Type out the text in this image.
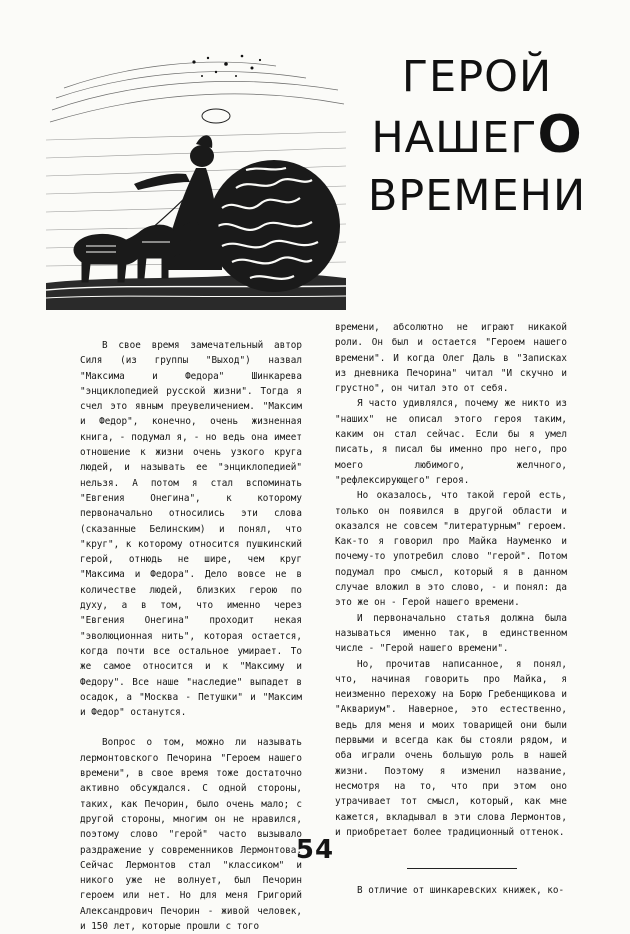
ГЕРОЙ
НАШЕГО
ВРЕМЕНИ

В свое время замечательный автор Силя (из группы "Выход") назвал "Максима и Федора" Шинкарева "энциклопедией русской жизни". Тогда я счел это явным преувеличением. "Максим и Федор", конечно, очень жизненная книга, - подумал я, - но ведь она имеет отношение к жизни очень узкого круга людей, и называть ее "энциклопедией" нельзя. А потом я стал вспоминать "Евгения Онегина", к которому первоначально относились эти слова (сказанные Белинским) и понял, что "круг", к которому относится пушкинский герой, отнюдь не шире, чем круг "Максима и Федора". Дело вовсе не в количестве людей, близких герою по духу, а в том, что именно через "Евгения Онегина" проходит некая "эволюционная нить", которая остается, когда почти все остальное умирает. То же самое относится и к "Максиму и Федору". Все наше "наследие" выпадет в осадок, а "Москва - Петушки" и "Максим и Федор" останутся.

Вопрос о том, можно ли называть лермонтовского Печорина "Героем нашего времени", в свое время тоже достаточно активно обсуждался. С одной стороны, таких, как Печорин, было очень мало; с другой стороны, многим он не нравился, поэтому слово "герой" часто вызывало раздражение у современников Лермонтова. Сейчас Лермонтов стал "классиком" и никого уже не волнует, был Печорин героем или нет. Но для меня Григорий Александрович Печорин - живой человек, и 150 лет, которые прошли с того

времени, абсолютно не играют никакой роли. Он был и остается "Героем нашего времени". И когда Олег Даль в "Записках из дневника Печорина" читал "И скучно и грустно", он читал это от себя.

Я часто удивлялся, почему же никто из "наших" не описал этого героя таким, каким он стал сейчас. Если бы я умел писать, я писал бы именно про него, про моего любимого, желчного, "рефлексирующего" героя.

Но оказалось, что такой герой есть, только он появился в другой области и оказался не совсем "литературным" героем. Как-то я говорил про Майка Науменко и почему-то употребил слово "герой". Потом подумал про смысл, который я в данном случае вложил в это слово, - и понял: да это же он - Герой нашего времени.

И первоначально статья должна была называться именно так, в единственном числе - "Герой нашего времени".

Но, прочитав написанное, я понял, что, начиная говорить про Майка, я неизменно перехожу на Борю Гребенщикова и "Аквариум". Наверное, это естественно, ведь для меня и моих товарищей они были первыми и всегда как бы стояли рядом, и оба играли очень большую роль в нашей жизни. Поэтому я изменил название, несмотря на то, что при этом оно утрачивает тот смысл, который, как мне кажется, вкладывал в эти слова Лермонтов, и приобретает более традиционный оттенок.

В отличие от шинкаревских книжек, ко-

54
